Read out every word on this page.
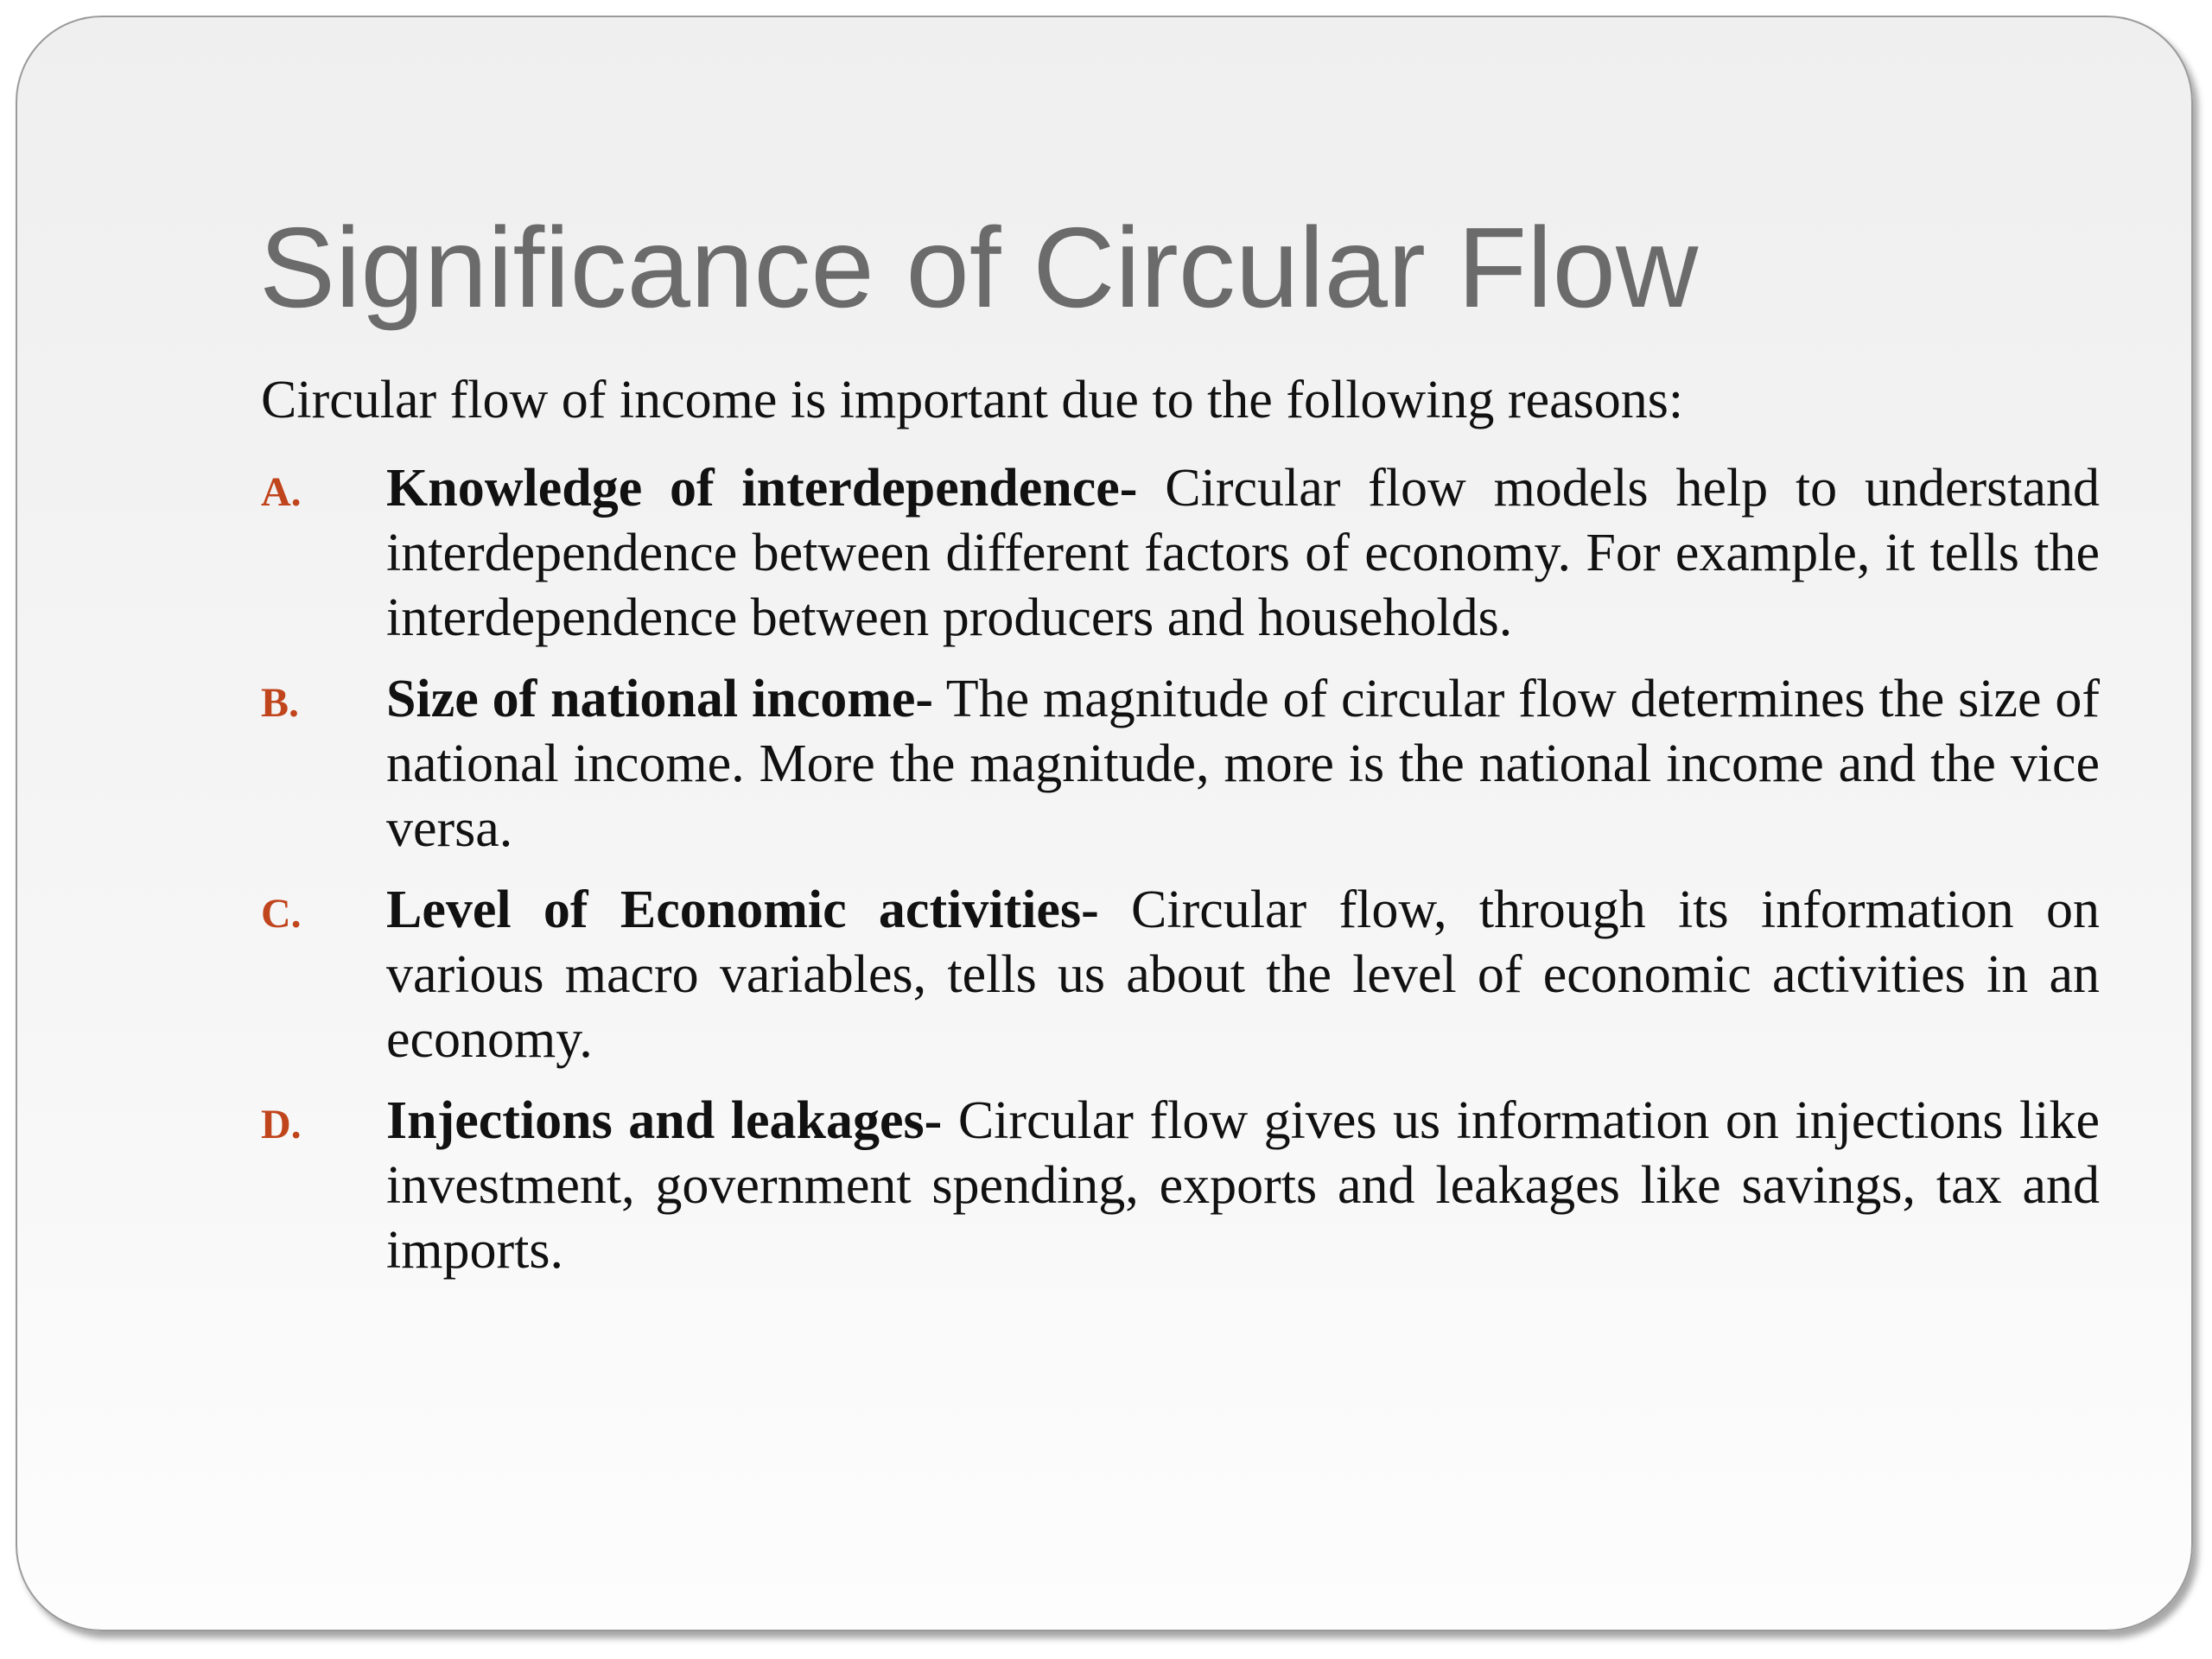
Significance of Circular Flow

Circular flow of income is important due to the following reasons:

A. Knowledge of interdependence- Circular flow models help to understand interdependence between different factors of economy. For example, it tells the interdependence between producers and households.
B. Size of national income- The magnitude of circular flow determines the size of national income. More the magnitude, more is the national income and the vice versa.
C. Level of Economic activities- Circular flow, through its information on various macro variables, tells us about the level of economic activities in an economy.
D. Injections and leakages- Circular flow gives us information on injections like investment, government spending, exports and leakages like savings, tax and imports.
